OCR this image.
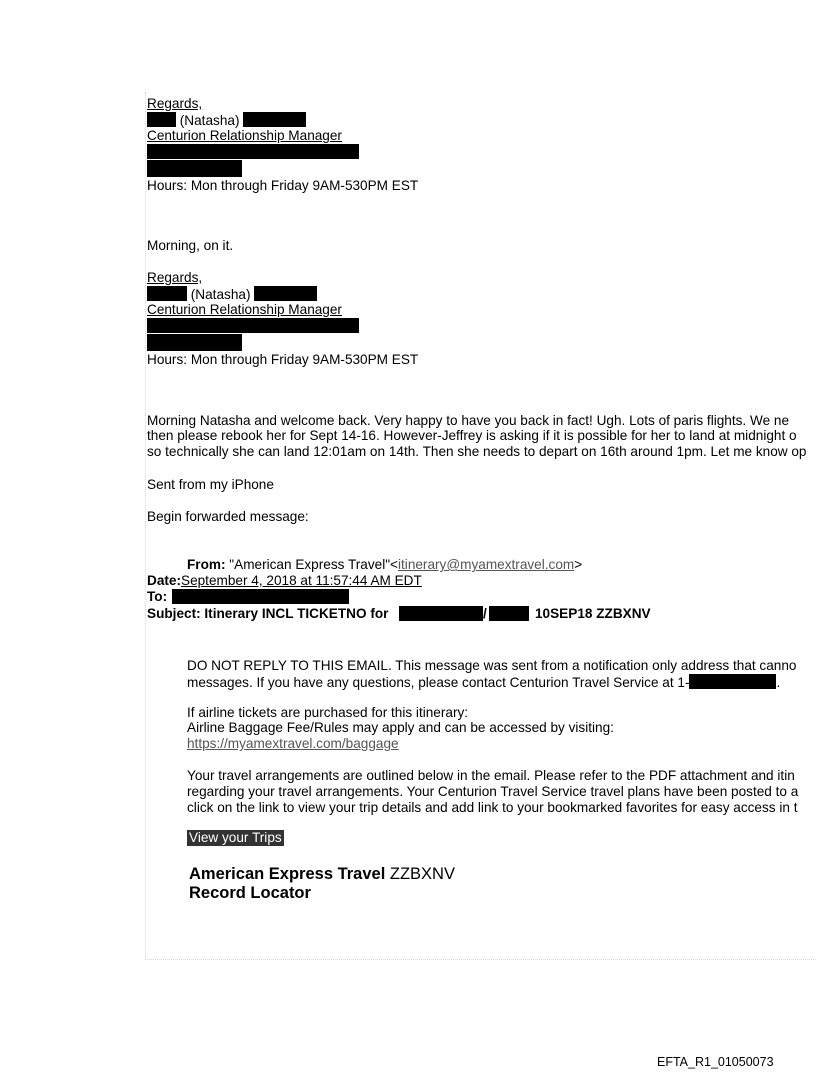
Regards,
(Natasha)
Centurion Relationship Manager
Hours: Mon through Friday 9AM-530PM EST
Morning, on it.
Regards,
(Natasha)
Centurion Relationship Manager
Hours: Mon through Friday 9AM-530PM EST
Morning Natasha and welcome back. Very happy to have you back in fact! Ugh. Lots of paris flights. We ne
then please rebook her for Sept 14-16. However-Jeffrey is asking if it is possible for her to land at midnight o
so technically she can land 12:01am on 14th. Then she needs to depart on 16th around 1pm. Let me know op
Sent from my iPhone
Begin forwarded message:
From: "American Express Travel"<itinerary@myamextravel.com>
Date:September 4, 2018 at 11:57:44 AM EDT
To:
Subject: Itinerary INCL TICKETNO for	/	10SEP18 ZZBXNV
DO NOT REPLY TO THIS EMAIL. This message was sent from a notification only address that canno
messages. If you have any questions, please contact Centurion Travel Service at 1-	.
If airline tickets are purchased for this itinerary:
Airline Baggage Fee/Rules may apply and can be accessed by visiting:
https://myamextravel.com/baggage
Your travel arrangements are outlined below in the email. Please refer to the PDF attachment and itin
regarding your travel arrangements. Your Centurion Travel Service travel plans have been posted to a
click on the link to view your trip details and add link to your bookmarked favorites for easy access in t
View your Trips
American Express Travel ZZBXNV
Record Locator
EFTA_R1_01050073
